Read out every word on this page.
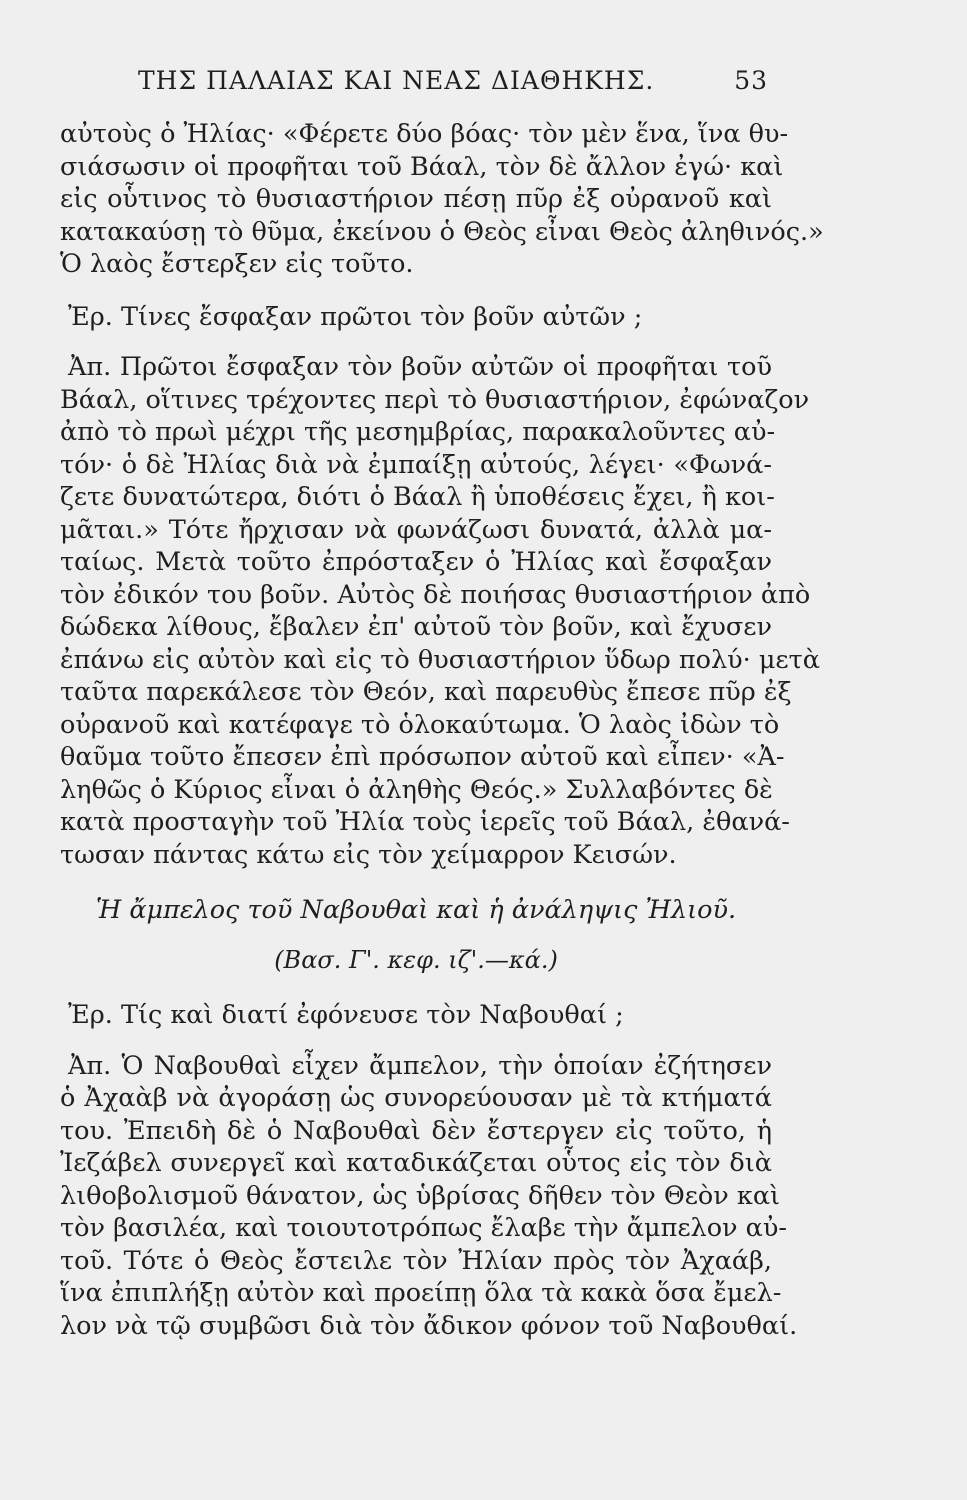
ΤΗΣ ΠΑΛΑΙΑΣ ΚΑΙ ΝΕΑΣ ΔΙΑΘΗΚΗΣ.	53
αὐτοὺς ὁ Ἠλίας· «Φέρετε δύο βόας· τὸν μὲν ἕνα, ἵνα θυ-
σιάσωσιν οἱ προφῆται τοῦ Βάαλ, τὸν δὲ ἄλλον ἐγώ· καὶ
εἰς οὗτινος τὸ θυσιαστήριον πέσῃ πῦρ ἐξ οὐρανοῦ καὶ
κατακαύσῃ τὸ θῦμα, ἐκείνου ὁ Θεὸς εἶναι Θεὸς ἀληθινός.»
Ὁ λαὸς ἔστερξεν εἰς τοῦτο.
Ἐρ. Τίνες ἔσφαξαν πρῶτοι τὸν βοῦν αὐτῶν ;
Ἀπ. Πρῶτοι ἔσφαξαν τὸν βοῦν αὐτῶν οἱ προφῆται τοῦ
Βάαλ, οἵτινες τρέχοντες περὶ τὸ θυσιαστήριον, ἐφώναζον
ἀπὸ τὸ πρωὶ μέχρι τῆς μεσημβρίας, παρακαλοῦντες αὐ-
τόν· ὁ δὲ Ἠλίας διὰ νὰ ἐμπαίξῃ αὐτούς, λέγει· «Φωνά-
ζετε δυνατώτερα, διότι ὁ Βάαλ ἢ ὑποθέσεις ἔχει, ἢ κοι-
μᾶται.» Τότε ἤρχισαν νὰ φωνάζωσι δυνατά, ἀλλὰ μα-
ταίως. Μετὰ τοῦτο ἐπρόσταξεν ὁ Ἠλίας καὶ ἔσφαξαν
τὸν ἐδικόν του βοῦν. Αὐτὸς δὲ ποιήσας θυσιαστήριον ἀπὸ
δώδεκα λίθους, ἔβαλεν ἐπ' αὐτοῦ τὸν βοῦν, καὶ ἔχυσεν
ἐπάνω εἰς αὐτὸν καὶ εἰς τὸ θυσιαστήριον ὕδωρ πολύ· μετὰ
ταῦτα παρεκάλεσε τὸν Θεόν, καὶ παρευθὺς ἔπεσε πῦρ ἐξ
οὐρανοῦ καὶ κατέφαγε τὸ ὁλοκαύτωμα. Ὁ λαὸς ἰδὼν τὸ
θαῦμα τοῦτο ἔπεσεν ἐπὶ πρόσωπον αὐτοῦ καὶ εἶπεν· «Ἀ-
ληθῶς ὁ Κύριος εἶναι ὁ ἀληθὴς Θεός.» Συλλαβόντες δὲ
κατὰ προσταγὴν τοῦ Ἠλία τοὺς ἱερεῖς τοῦ Βάαλ, ἐθανά-
τωσαν πάντας κάτω εἰς τὸν χείμαρρον Κεισών.
Ἡ ἄμπελος τοῦ Ναβουθαὶ καὶ ἡ ἀνάληψις Ἠλιοῦ.
(Βασ. Γ'. κεφ. ιζ'.—κά.)
Ἐρ. Τίς καὶ διατί ἐφόνευσε τὸν Ναβουθαί ;
Ἀπ. Ὁ Ναβουθαὶ εἶχεν ἄμπελον, τὴν ὁποίαν ἐζήτησεν
ὁ Ἀχαὰβ νὰ ἀγοράσῃ ὡς συνορεύουσαν μὲ τὰ κτήματά
του. Ἐπειδὴ δὲ ὁ Ναβουθαὶ δὲν ἔστεργεν εἰς τοῦτο, ἡ
Ἰεζάβελ συνεργεῖ καὶ καταδικάζεται οὗτος εἰς τὸν διὰ
λιθοβολισμοῦ θάνατον, ὡς ὑβρίσας δῆθεν τὸν Θεὸν καὶ
τὸν βασιλέα, καὶ τοιουτοτρόπως ἔλαβε τὴν ἄμπελον αὐ-
τοῦ. Τότε ὁ Θεὸς ἔστειλε τὸν Ἠλίαν πρὸς τὸν Ἀχαάβ,
ἵνα ἐπιπλήξῃ αὐτὸν καὶ προείπῃ ὅλα τὰ κακὰ ὅσα ἔμελ-
λον νὰ τῷ συμβῶσι διὰ τὸν ἄδικον φόνον τοῦ Ναβουθαί.
